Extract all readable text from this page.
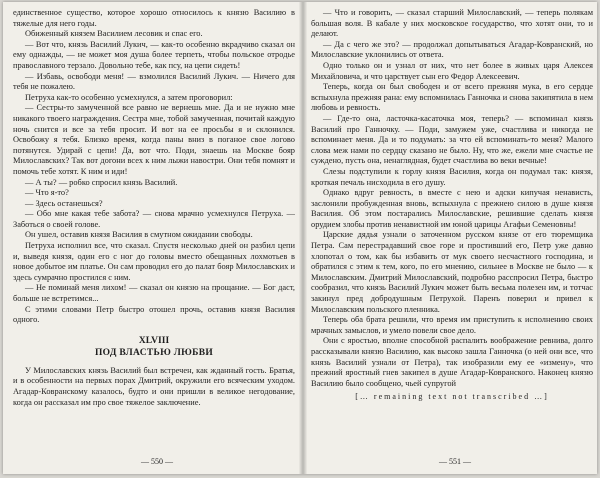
единственное существо, которое хорошо относилось к князю Василию в тяжелые для него годы.

Обиженный князем Василием лесовик и спас его.

— Вот что, князь Василий Лукич, — как-то особенно вкрадчиво сказал он ему однажды, — не может моя душа более терпеть, чтобы польское отродье православного терзало. Довольно тебе, как псу, на цепи сидеть!

— Избавь, освободи меня! — взмолился Василий Лукич. — Ничего для тебя не пожалею.

Петруха как-то особенно усмехнулся, а затем проговорил:

— Сестры-то замученной все равно не вернешь мне. Да и не нужно мне никакого твоего награждения. Сестра мне, тобой замученная, почитай каждую ночь снится и все за тебя просит. И вот на ее просьбы я и склонился. Освобожу я тебя. Близко время, когда паны вниз в поганое свое логово потянутся. Удирай с цепи! Да, вот что. Поди, знаешь на Москве бояр Милославских? Так вот догони всех к ним лыжи навостри. Они тебя помнят и помочь тебе хотят. К ним и иди!

— А ты? — робко спросил князь Василий.

— Что я-то?

— Здесь останешься?

— Обо мне какая тебе забота? — снова мрачно усмехнулся Петруха. — Заботься о своей голове.

Он ушел, оставив князя Василия в смутном ожидании свободы.

Петруха исполнил все, что сказал. Спустя несколько дней он разбил цепи и, выведя князя, один его с ног до головы вместо обещанных лохмотьев в новое добытое им платье. Он сам проводил его до палат бояр Милославских и здесь сумрачно простился с ним.

— Не поминай меня лихом! — сказал он князю на прощание. — Бог даст, больше не встретимся...

С этими словами Петр быстро отошел прочь, оставив князя Василия одного.

XLVIII
ПОД ВЛАСТЬЮ ЛЮБВИ

У Милославских князь Василий был встречен, как жданный гость. Братья, и в особенности на первых порах Дмитрий, окружили его всяческим уходом. Агадар-Ковранскому казалось, будто и они пришли в великое негодование, когда он рассказал им про свое тяжелое заключение.

— Что и говорить, — сказал старший Милославский, — теперь полякам большая воля. В кабале у них московское государство, что хотят они, то и делают.

— Да с чего же это? — продолжал допытываться Агадар-Ковранский, но Милославские уклонились от ответа.

Одно только он и узнал от них, что нет более в живых царя Алексея Михайловича, и что царствует сын его Федор Алексеевич.

Теперь, когда он был свободен и от всего прежняя мука, в его сердце вспыхнула прежняя рана: ему вспомнилась Ганночка и снова закипятила в нем любовь и ревность.

— Где-то она, ласточка-касаточка моя, теперь? — вспоминал князь Василий про Ганночку. — Поди, замужем уже, счастлива и никогда не вспоминает меня. Да и то подумать: за что ей вспоминать-то меня? Малого слова меж нами по сердцу сказано не было. Ну, что же, ежели мне счастье не суждено, пусть она, ненаглядная, будет счастлива во веки вечные!

Слезы подступили к горлу князя Василия, когда он подумал так: князя, кроткая печаль нисходила в его душу.

Однако вдруг ревность, в вместе с нею и адски кипучая ненависть, заслонили пробужденная вновь, вспыхнула с прежнею силою в душе князя Василия. Об этом постарались Милославские, решившие сделать князя орудием злобы против ненавистной им юной царицы Агафьи Семеновны!

Царские дядья узнали о заточенном русском князе от его тюремщика Петра. Сам перестрадавший свое горе и простивший его, Петр уже давно хлопотал о том, как бы избавить от мук своего несчастного господина, и обратился с этим к тем, кого, по его мнению, сильнее в Москве не было — к Милославским. Дмитрий Милославский, подробно расспросил Петра, быстро сообразил, что князь Василий Лукич может быть весьма полезен им, и тотчас закинул пред добродушным Петрухой. Паренъ поверил и привел к Милославским польского пленника.

Теперь оба брата решили, что время им приступить к исполнению своих мрачных замыслов, и умело повели свое дело.

Они с яростью, вполне способной распалить воображение ревнива, долго рассказывали князю Василию, как высоко зашла Ганночка (о ней они все, что князь Василий узнали от Петра), так изобразили ему ее «измену», что прежний яростный гнев закипел в душе Агадар-Ковранского. Наконец князю Василию было сообщено, чьей супругой

[… remaining text not transcribed …]
— 550 —	— 551 —
